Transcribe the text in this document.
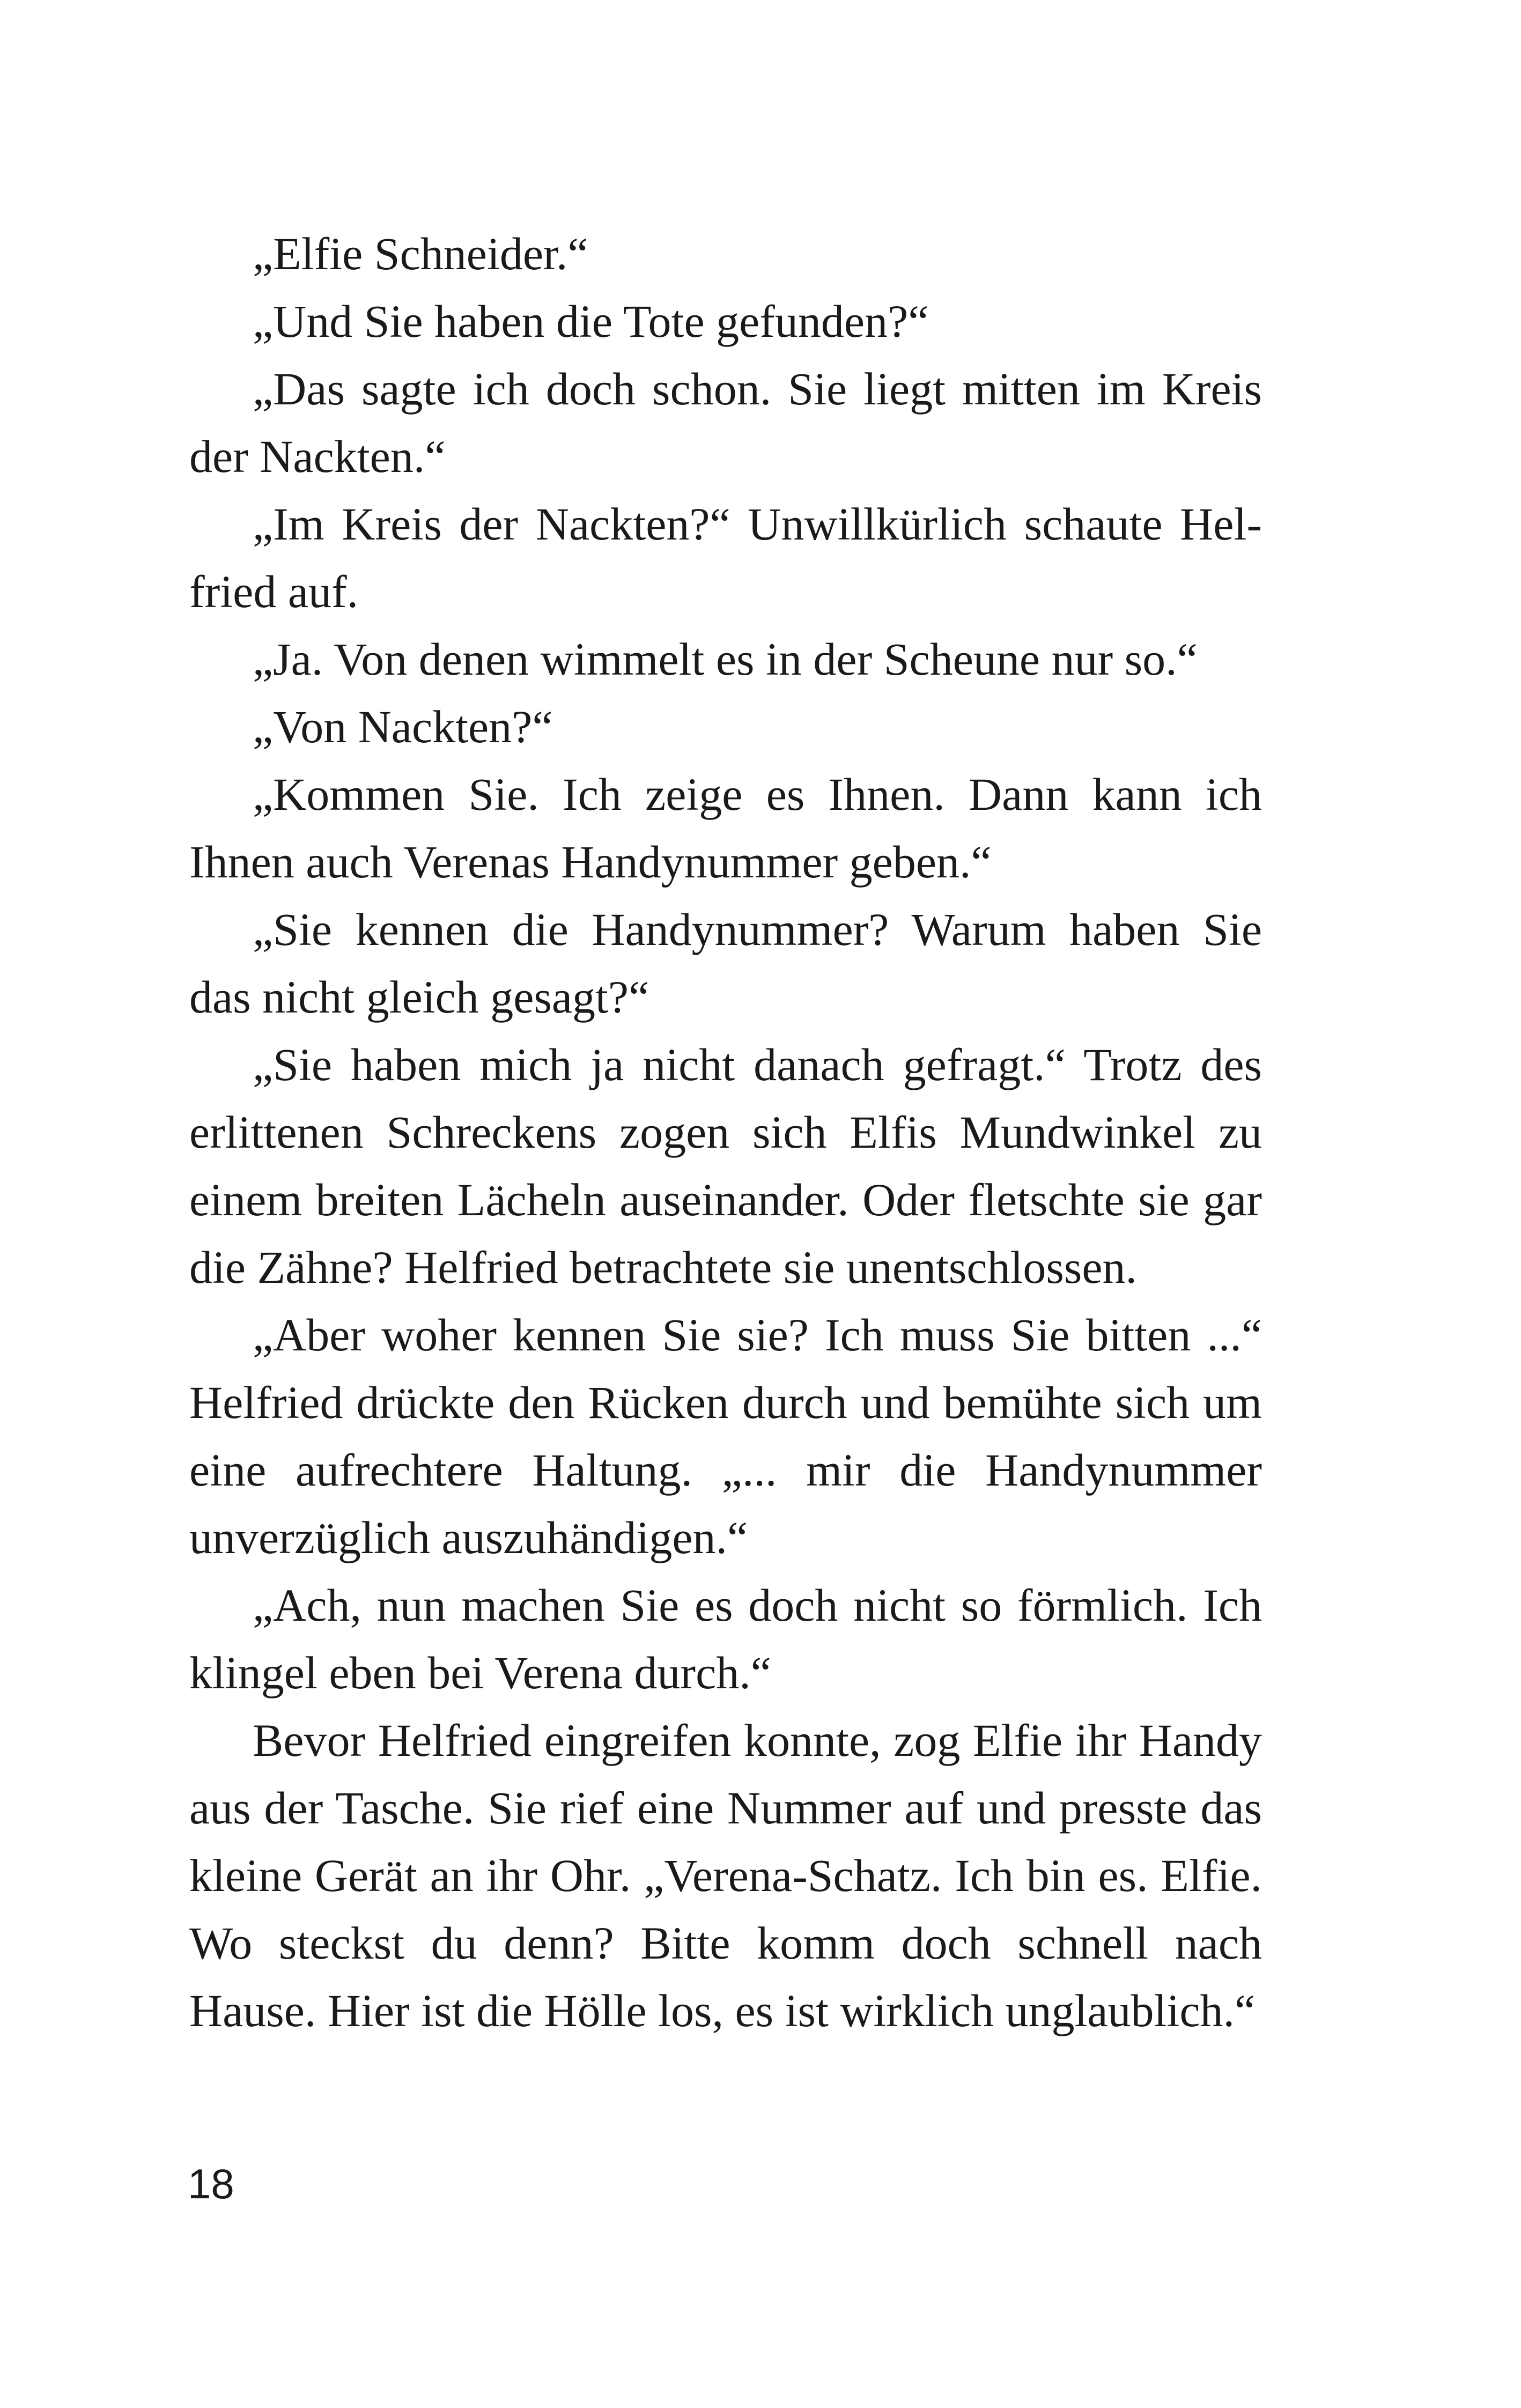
„Elfie Schneider.“

„Und Sie haben die Tote gefunden?“

„Das sagte ich doch schon. Sie liegt mitten im Kreis der Nackten.“

„Im Kreis der Nackten?“ Unwillkürlich schaute Helfried auf.

„Ja. Von denen wimmelt es in der Scheune nur so.“

„Von Nackten?“

„Kommen Sie. Ich zeige es Ihnen. Dann kann ich Ihnen auch Verenas Handynummer geben.“

„Sie kennen die Handynummer? Warum haben Sie das nicht gleich gesagt?“

„Sie haben mich ja nicht danach gefragt.“ Trotz des erlittenen Schreckens zogen sich Elfis Mundwinkel zu einem breiten Lächeln auseinander. Oder fletschte sie gar die Zähne? Helfried betrachtete sie unentschlossen.

„Aber woher kennen Sie sie? Ich muss Sie bitten ...“ Helfried drückte den Rücken durch und bemühte sich um eine aufrechtere Haltung. „... mir die Handynummer unverzüglich auszuhändigen.“

„Ach, nun machen Sie es doch nicht so förmlich. Ich klingel eben bei Verena durch.“

Bevor Helfried eingreifen konnte, zog Elfie ihr Handy aus der Tasche. Sie rief eine Nummer auf und presste das kleine Gerät an ihr Ohr. „Verena-Schatz. Ich bin es. Elfie. Wo steckst du denn? Bitte komm doch schnell nach Hause. Hier ist die Hölle los, es ist wirklich unglaublich.“

18
